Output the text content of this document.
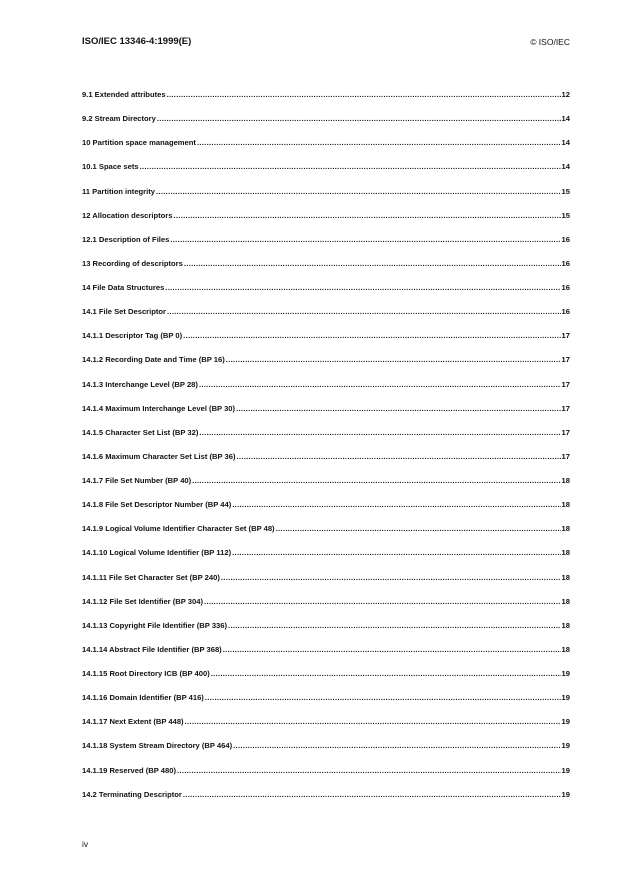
ISO/IEC 13346-4:1999(E)	© ISO/IEC
9.1 Extended attributes .....	12
9.2 Stream Directory .....	14
10 Partition space management .....	14
10.1 Space sets .....	14
11 Partition integrity .....	15
12 Allocation descriptors .....	15
12.1 Description of Files .....	16
13 Recording of descriptors .....	16
14 File Data Structures .....	16
14.1 File Set Descriptor .....	16
14.1.1 Descriptor Tag (BP 0) .....	17
14.1.2 Recording Date and Time (BP 16) .....	17
14.1.3 Interchange Level (BP 28) .....	17
14.1.4 Maximum Interchange Level (BP 30) .....	17
14.1.5 Character Set List (BP 32) .....	17
14.1.6 Maximum Character Set List (BP 36) .....	17
14.1.7 File Set Number (BP 40) .....	18
14.1.8 File Set Descriptor Number (BP 44) .....	18
14.1.9 Logical Volume Identifier Character Set (BP 48) .....	18
14.1.10 Logical Volume Identifier (BP 112) .....	18
14.1.11 File Set Character Set (BP 240) .....	18
14.1.12 File Set Identifier (BP 304) .....	18
14.1.13 Copyright File Identifier (BP 336) .....	18
14.1.14 Abstract File Identifier (BP 368) .....	18
14.1.15 Root Directory ICB (BP 400) .....	19
14.1.16 Domain Identifier (BP 416) .....	19
14.1.17 Next Extent (BP 448) .....	19
14.1.18 System Stream Directory (BP 464) .....	19
14.1.19 Reserved (BP 480) .....	19
14.2 Terminating Descriptor .....	19
iv
